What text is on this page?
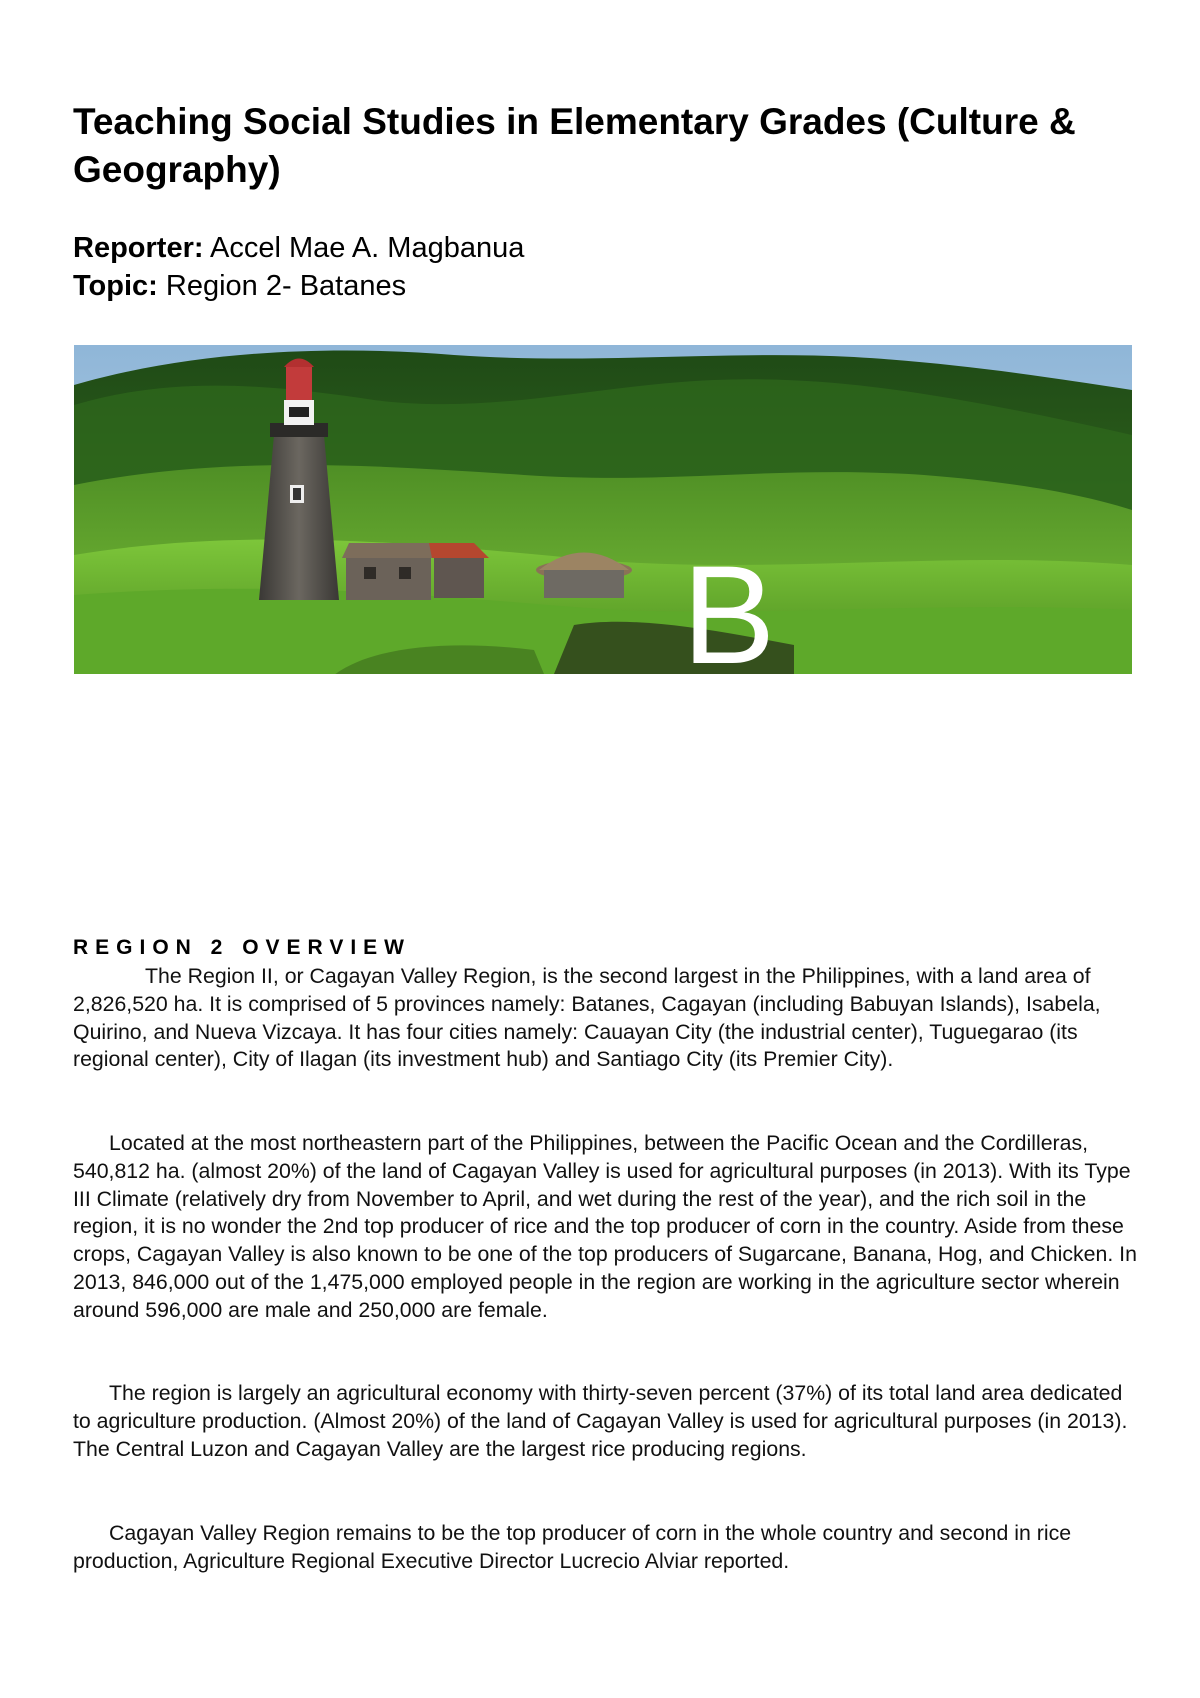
Teaching Social Studies in Elementary Grades (Culture & Geography)
Reporter: Accel Mae A. Magbanua
Topic: Region 2- Batanes
B
REGION 2 OVERVIEW

The Region II, or Cagayan Valley Region, is the second largest in the Philippines, with a land area of 2,826,520 ha. It is comprised of 5 provinces namely: Batanes, Cagayan (including Babuyan Islands), Isabela, Quirino, and Nueva Vizcaya. It has four cities namely: Cauayan City (the industrial center), Tuguegarao (its regional center), City of Ilagan (its investment hub) and Santiago City (its Premier City).

Located at the most northeastern part of the Philippines, between the Pacific Ocean and the Cordilleras, 540,812 ha. (almost 20%) of the land of Cagayan Valley is used for agricultural purposes (in 2013). With its Type III Climate (relatively dry from November to April, and wet during the rest of the year), and the rich soil in the region, it is no wonder the 2nd top producer of rice and the top producer of corn in the country. Aside from these crops, Cagayan Valley is also known to be one of the top producers of Sugarcane, Banana, Hog, and Chicken. In 2013, 846,000 out of the 1,475,000 employed people in the region are working in the agriculture sector wherein around 596,000 are male and 250,000 are female.

The region is largely an agricultural economy with thirty-seven percent (37%) of its total land area dedicated to agriculture production. (Almost 20%) of the land of Cagayan Valley is used for agricultural purposes (in 2013). The Central Luzon and Cagayan Valley are the largest rice producing regions.

Cagayan Valley Region remains to be the top producer of corn in the whole country and second in rice production, Agriculture Regional Executive Director Lucrecio Alviar reported.
